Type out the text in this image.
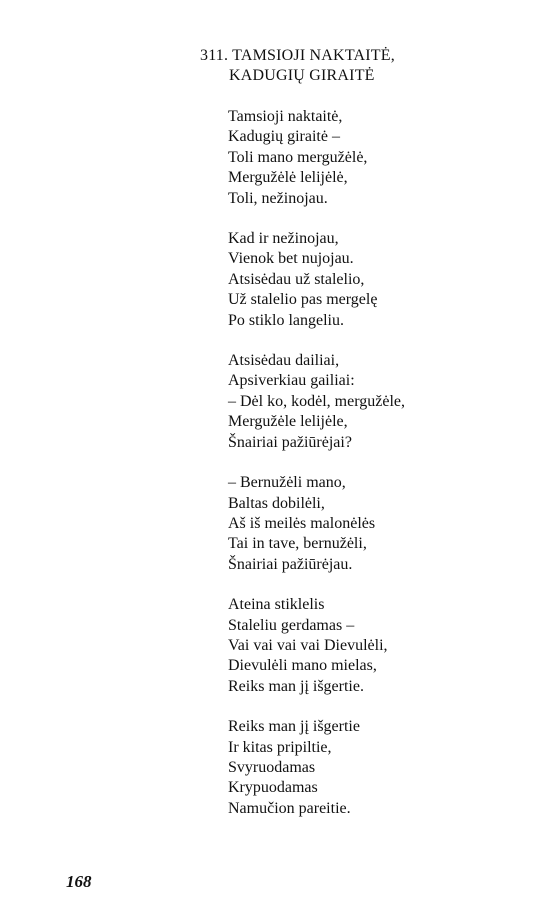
311. TAMSIOJI NAKTAITĖ,
KADUGIŲ GIRAITĖ
Tamsioji naktaitė,
Kadugių giraitė –
Toli mano mergužėlė,
Mergužėlė lelijėlė,
Toli, nežinojau.
Kad ir nežinojau,
Vienok bet nujojau.
Atsisėdau už stalelio,
Už stalelio pas mergelę
Po stiklo langeliu.
Atsisėdau dailiai,
Apsiverkiau gailiai:
– Dėl ko, kodėl, mergužėle,
Mergužėle lelijėle,
Šnairiai pažiūrėjai?
– Bernužėli mano,
Baltas dobilėli,
Aš iš meilės malonėlės
Tai in tave, bernužėli,
Šnairiai pažiūrėjau.
Ateina stiklelis
Staleliu gerdamas –
Vai vai vai vai Dievulėli,
Dievulėli mano mielas,
Reiks man jį išgertie.
Reiks man jį išgertie
Ir kitas pripiltie,
Svyruodamas
Krypuodamas
Namučion pareitie.
168
